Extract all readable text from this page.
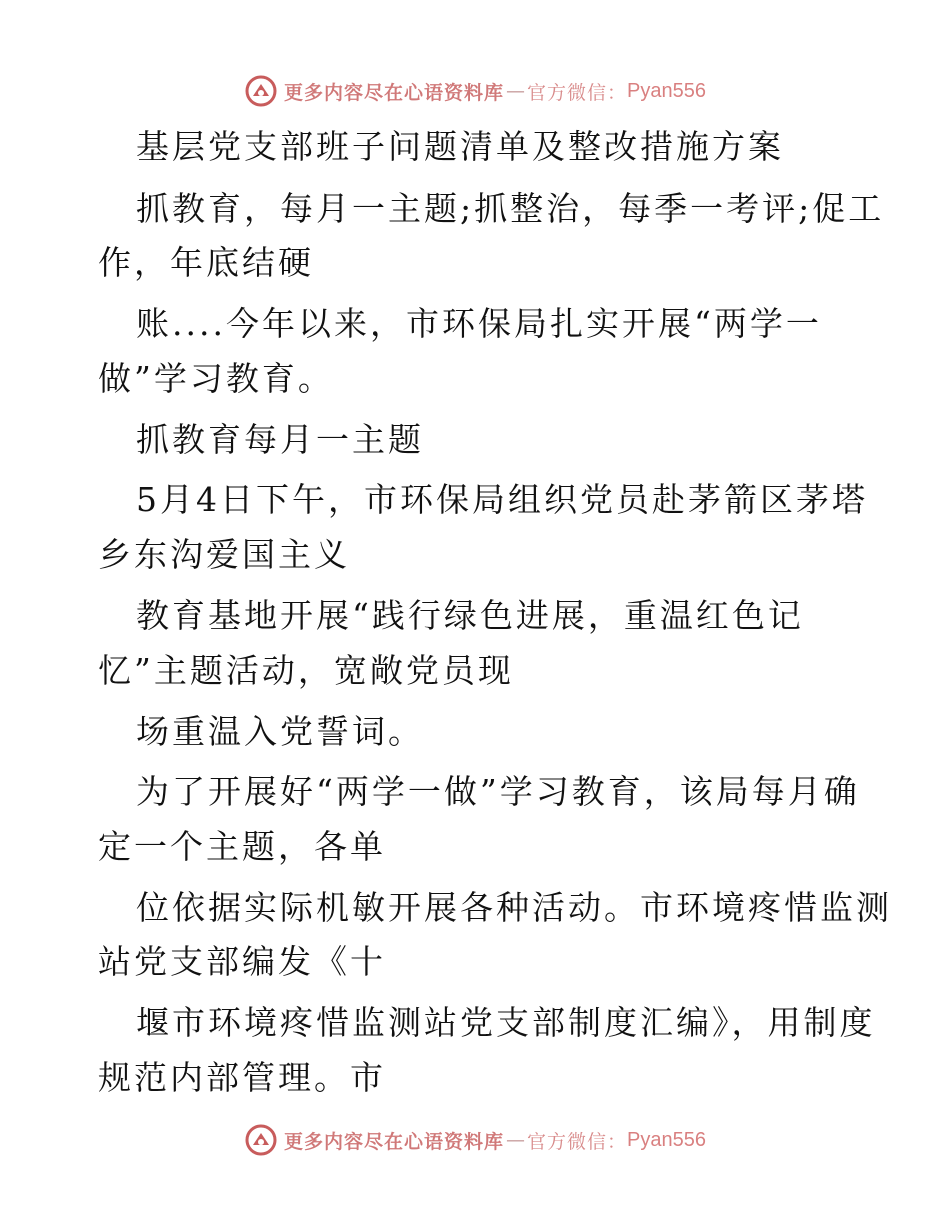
更多内容尽在心语资料库 — 官方微信： Pyan556
基层党支部班子问题清单及整改措施方案
抓教育，每月一主题;抓整治，每季一考评;促工
作，年底结硬
账....今年以来，市环保局扎实开展“两学一
做”学习教育。
抓教育每月一主题
5月4日下午，市环保局组织党员赴茅箭区茅塔
乡东沟爱国主义
教育基地开展“践行绿色进展，重温红色记
忆”主题活动，宽敞党员现
场重温入党誓词。
为了开展好“两学一做”学习教育，该局每月确
定一个主题，各单
位依据实际机敏开展各种活动。市环境疼惜监测
站党支部编发《十
堰市环境疼惜监测站党支部制度汇编》，用制度
规范内部管理。市
更多内容尽在心语资料库 — 官方微信： Pyan556
